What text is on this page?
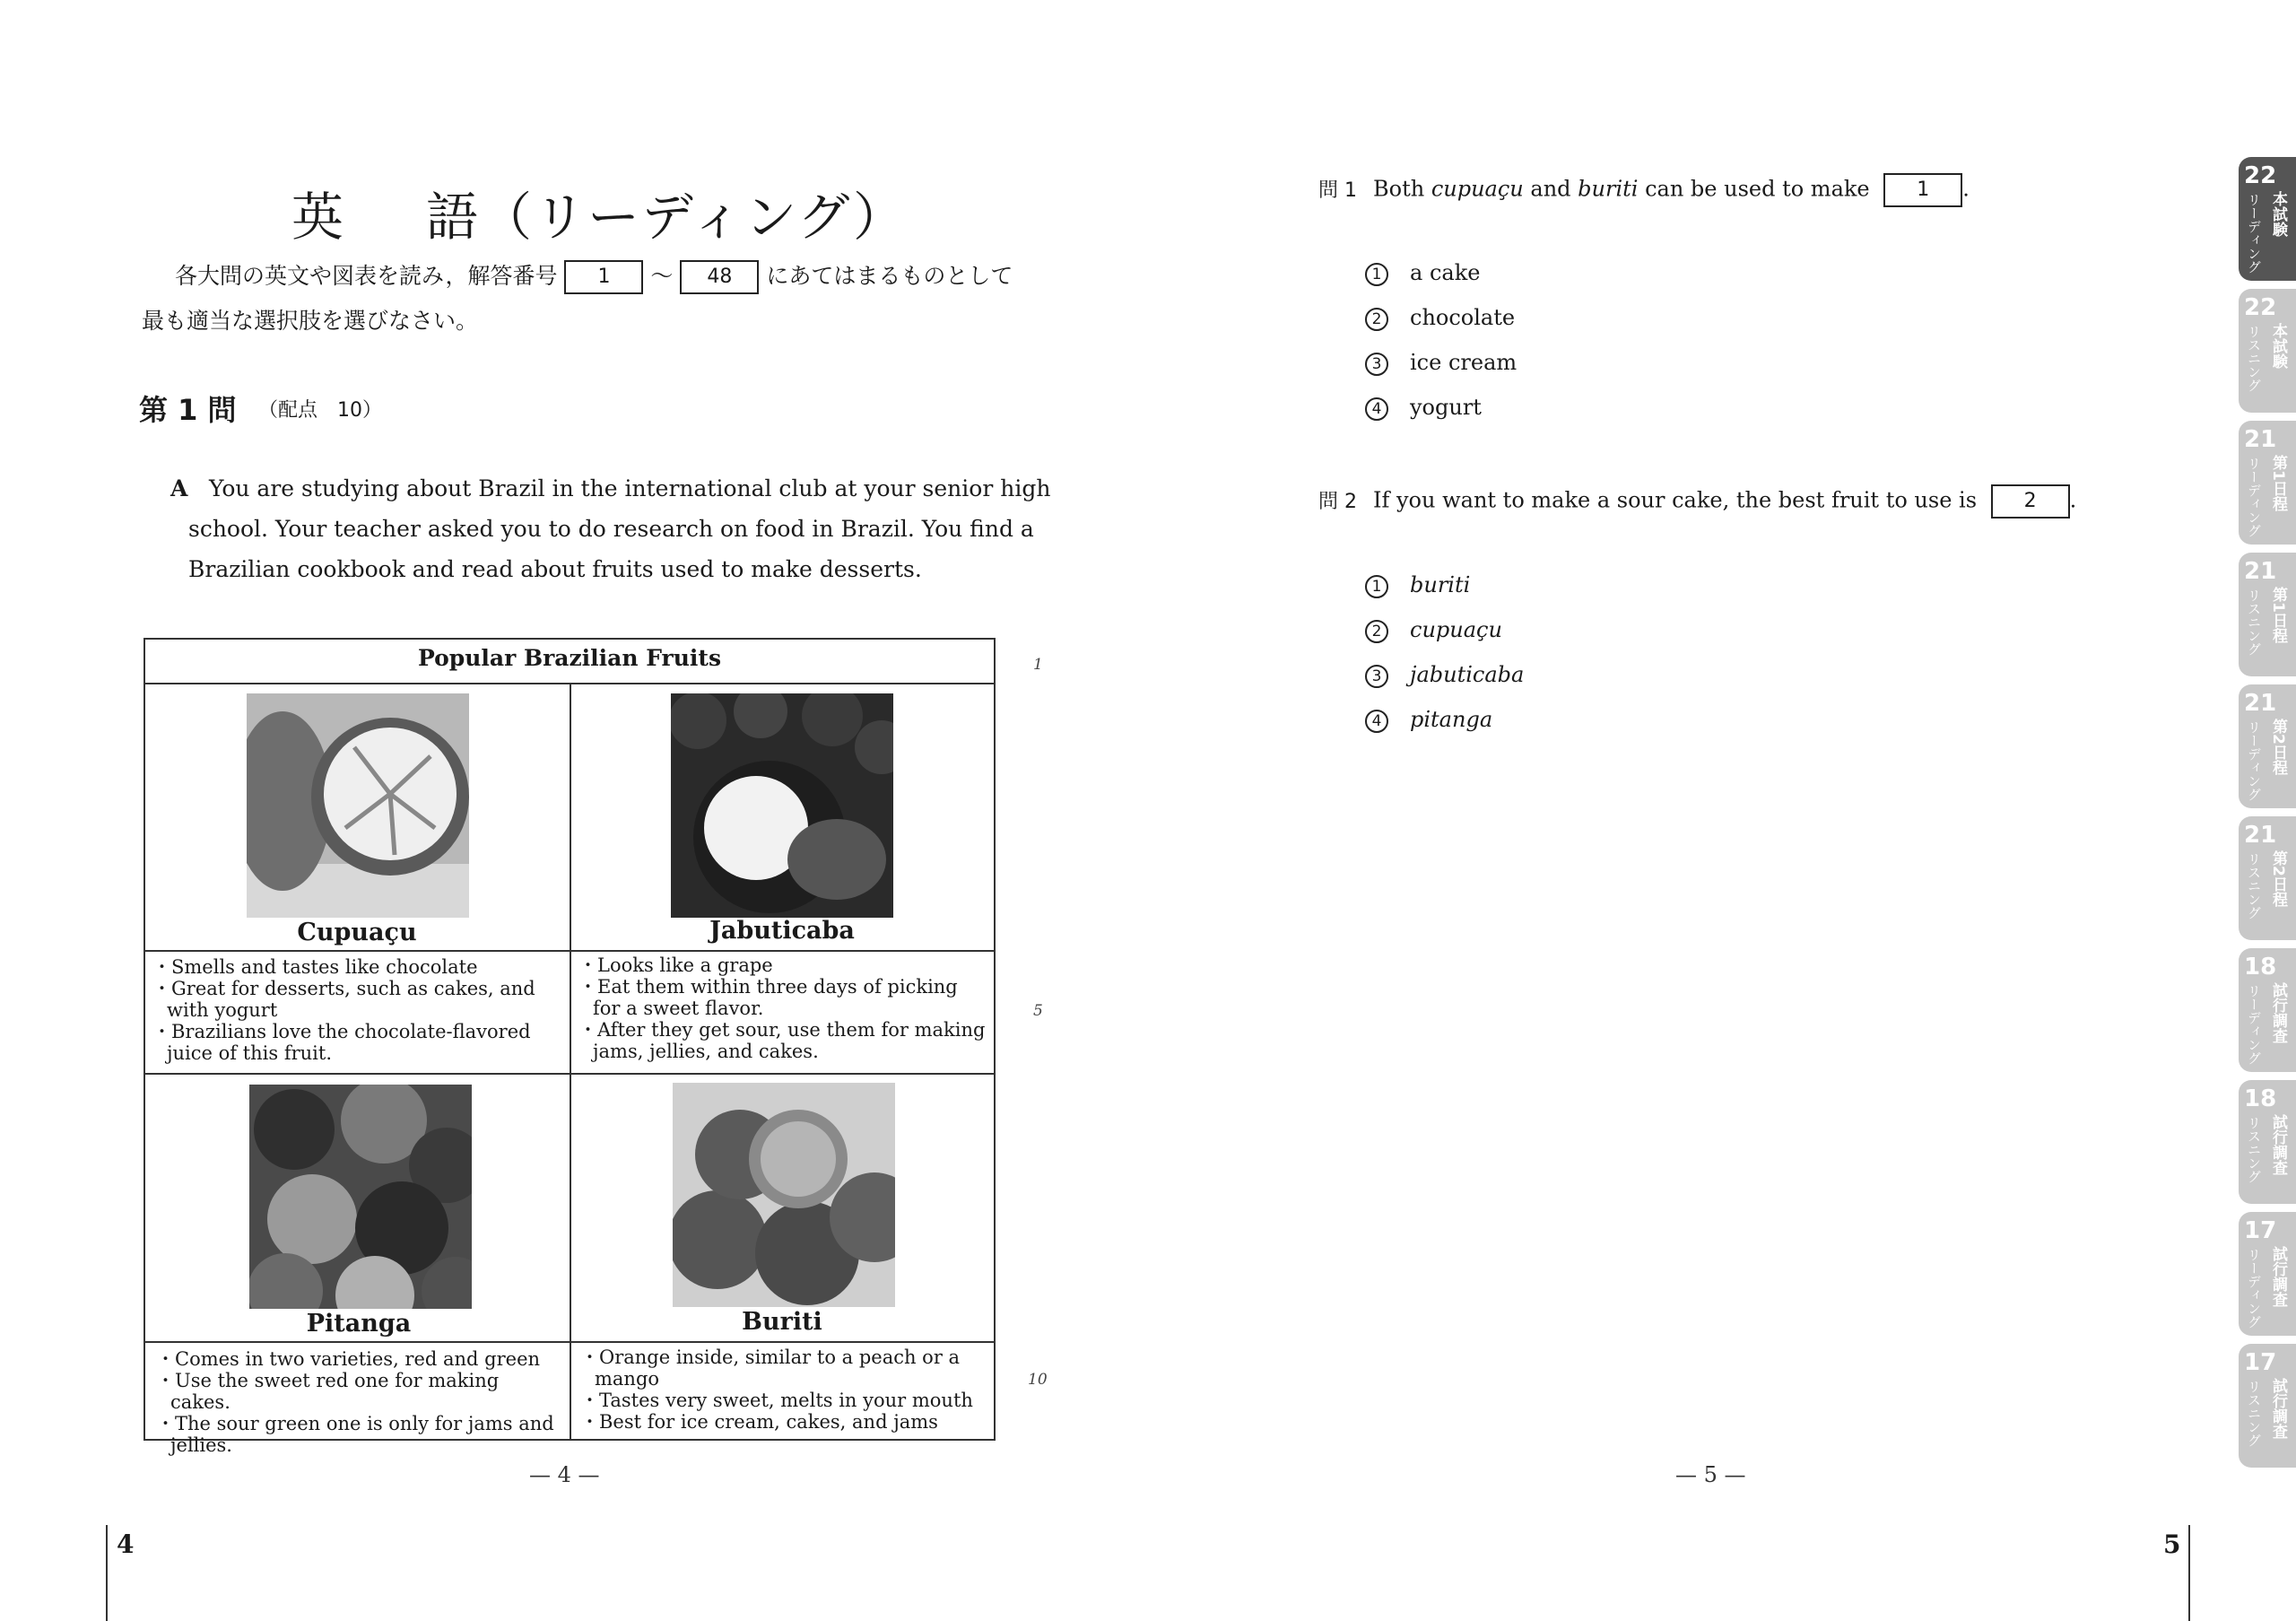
英 語（リーディング）
各大問の英文や図表を読み，解答番号 1 ～ 48 にあてはまるものとして
最も適当な選択肢を選びなさい。
第 1 問 （配点　10）
A You are studying about Brazil in the international club at your senior high
school. Your teacher asked you to do research on food in Brazil. You find a
Brazilian cookbook and read about fruits used to make desserts.
Popular Brazilian Fruits
Cupuaçu	Jabuticaba
・Smells and tastes like chocolate
・Great for desserts, such as cakes, and with yogurt
・Brazilians love the chocolate-flavored juice of this fruit.
・Looks like a grape
・Eat them within three days of picking for a sweet flavor.
・After they get sour, use them for making jams, jellies, and cakes.
Pitanga	Buriti
・Comes in two varieties, red and green
・Use the sweet red one for making cakes.
・The sour green one is only for jams and jellies.
・Orange inside, similar to a peach or a mango
・Tastes very sweet, melts in your mouth
・Best for ice cream, cakes, and jams
1
5
10
— 4 —
4
問 1 Both cupuaçu and buriti can be used to make 1 .
1 a cake
2 chocolate
3 ice cream
4 yogurt
問 2 If you want to make a sour cake, the best fruit to use is 2 .
1 buriti
2 cupuaçu
3 jabuticaba
4 pitanga
— 5 —
5
22
本試験
リーディング
22
本試験
リスニング
21
第1日程
リーディング
21
第1日程
リスニング
21
第2日程
リーディング
21
第2日程
リスニング
18
試行調査
リーディング
18
試行調査
リスニング
17
試行調査
リーディング
17
試行調査
リスニング
